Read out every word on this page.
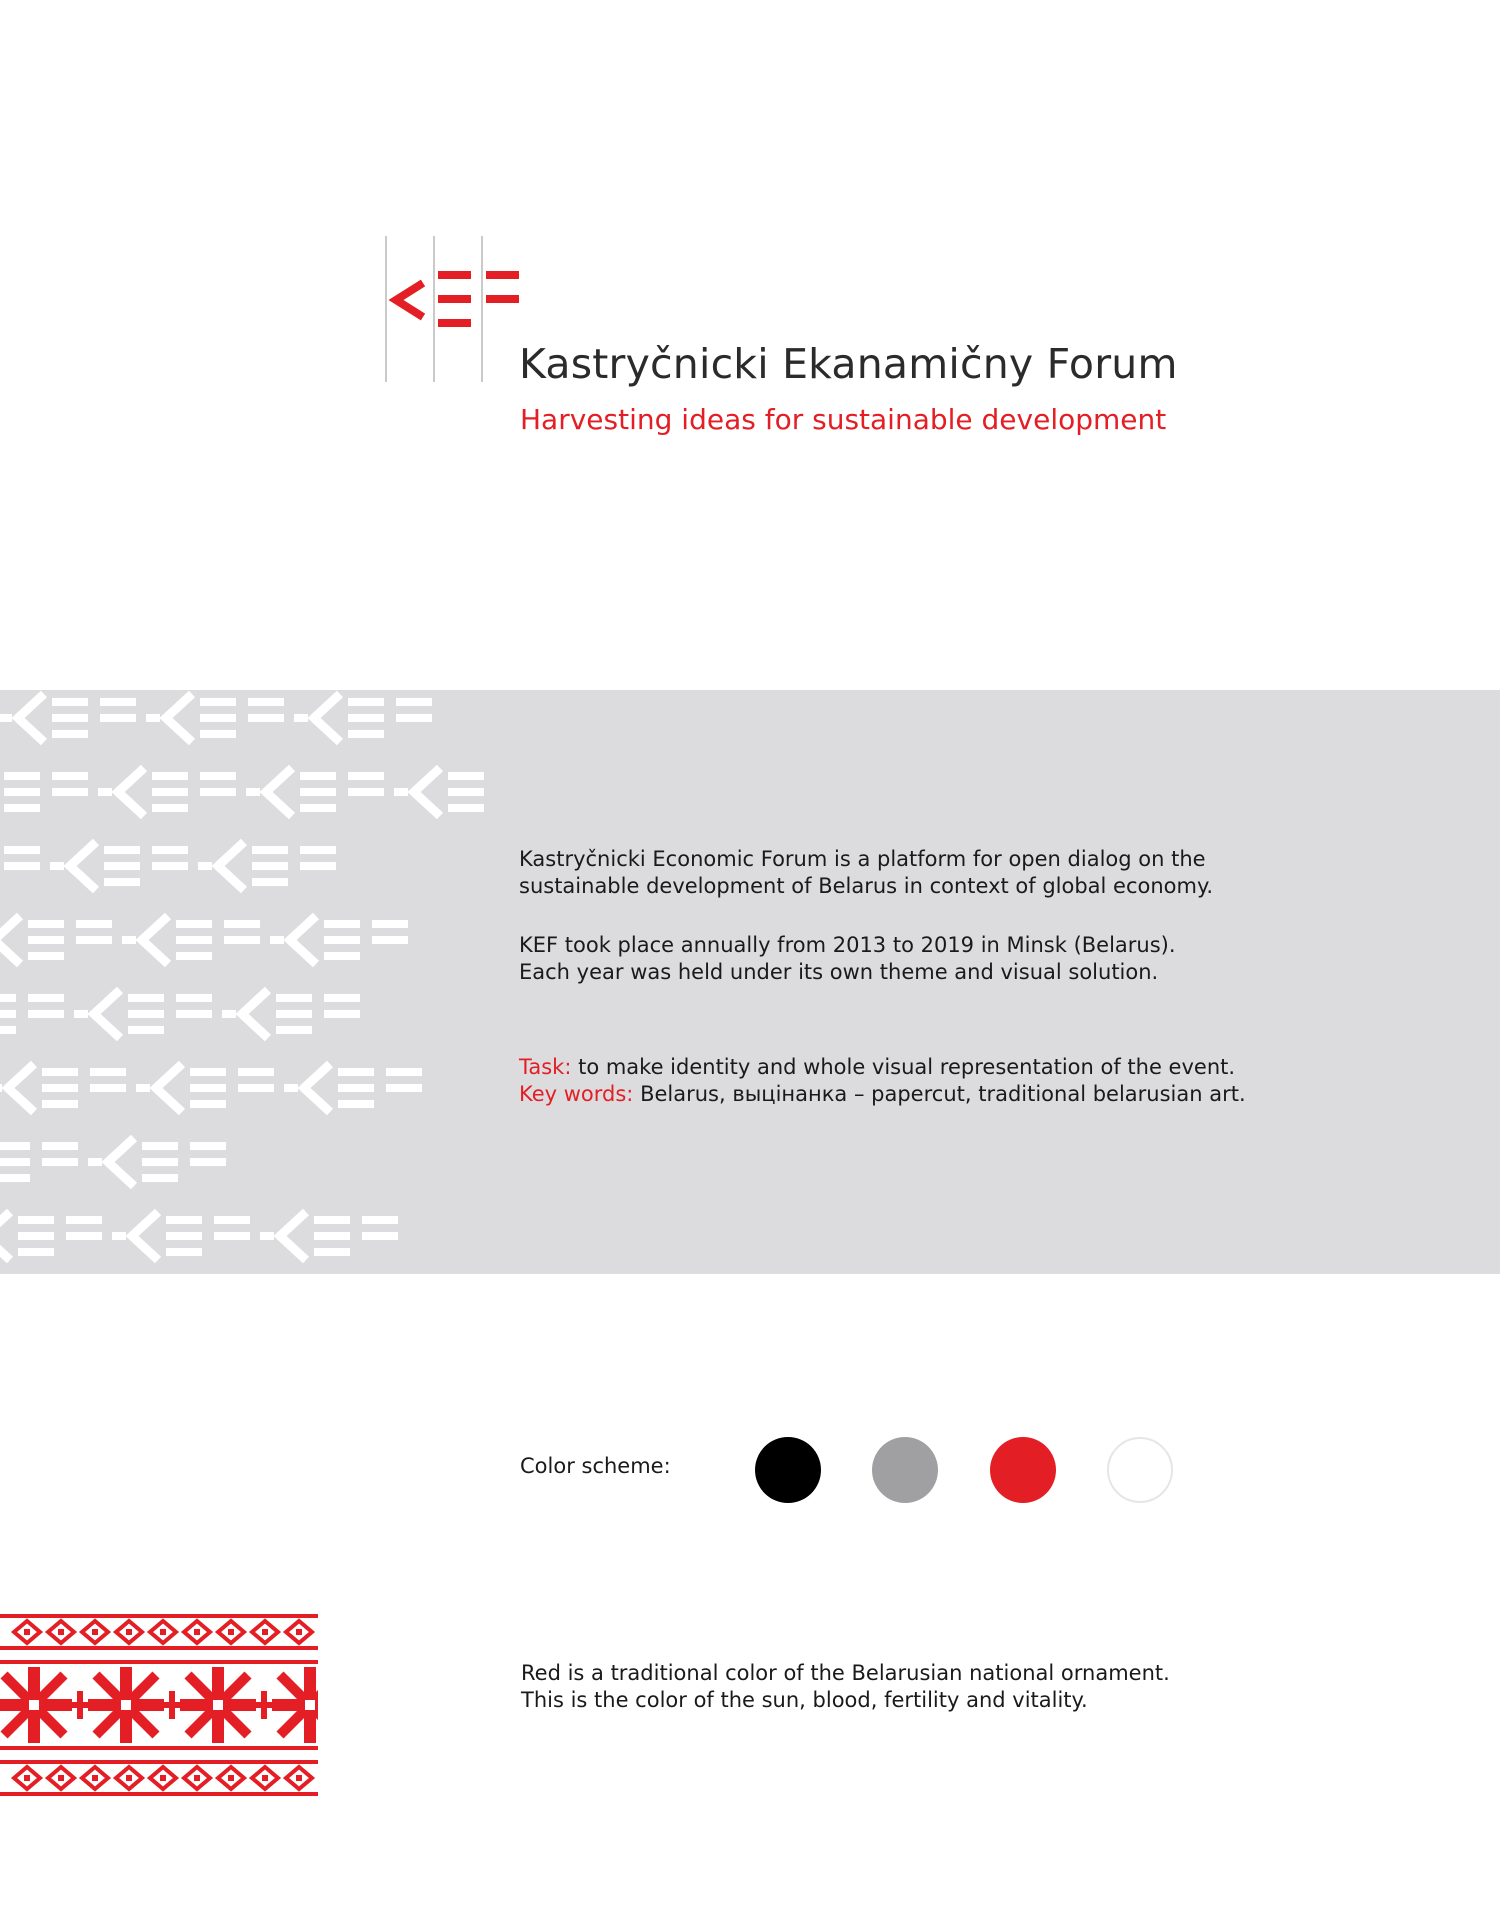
Kastryčnicki Ekanamičny Forum
Harvesting ideas for sustainable development

Kastryčnicki Economic Forum is a platform for open dialog on the

sustainable development of Belarus in context of global economy.

KEF took place annually from 2013 to 2019 in Minsk (Belarus).

Each year was held under its own theme and visual solution.

Task: to make identity and whole visual representation of the event.

Key words: Belarus, выцінанка – papercut, traditional belarusian art.

Color scheme:

Red is a traditional color of the Belarusian national ornament.

This is the color of the sun, blood, fertility and vitality.
